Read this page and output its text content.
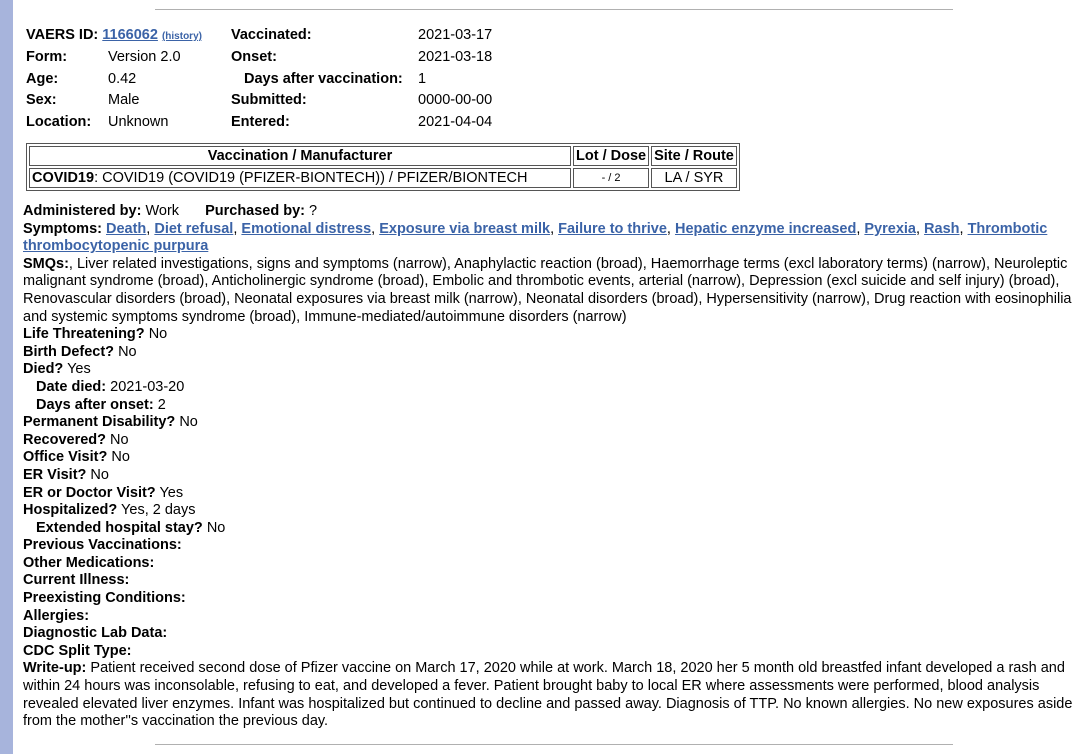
VAERS ID: 1166062 (history)
Form:	Version 2.0
Age:	0.42
Sex:	Male
Location: Unknown
Vaccinated:	2021-03-17
Onset:	2021-03-18
Days after vaccination: 1
Submitted:	0000-00-00
Entered:	2021-04-04
Vaccination / Manufacturer	Lot / Dose	Site / Route
COVID19: COVID19 (COVID19 (PFIZER-BIONTECH)) / PFIZER/BIONTECH	- / 2	LA / SYR
Administered by: Work Purchased by: ?
Symptoms: Death, Diet refusal, Emotional distress, Exposure via breast milk, Failure to thrive, Hepatic enzyme increased, Pyrexia, Rash, Thrombotic thrombocytopenic purpura
SMQs:, Liver related investigations, signs and symptoms (narrow), Anaphylactic reaction (broad), Haemorrhage terms (excl laboratory terms) (narrow), Neuroleptic malignant syndrome (broad), Anticholinergic syndrome (broad), Embolic and thrombotic events, arterial (narrow), Depression (excl suicide and self injury) (broad), Renovascular disorders (broad), Neonatal exposures via breast milk (narrow), Neonatal disorders (broad), Hypersensitivity (narrow), Drug reaction with eosinophilia and systemic symptoms syndrome (broad), Immune-mediated/autoimmune disorders (narrow)
Life Threatening? No
Birth Defect? No
Died? Yes
Date died: 2021-03-20
Days after onset: 2
Permanent Disability? No
Recovered? No
Office Visit? No
ER Visit? No
ER or Doctor Visit? Yes
Hospitalized? Yes, 2 days
Extended hospital stay? No
Previous Vaccinations:
Other Medications:
Current Illness:
Preexisting Conditions:
Allergies:
Diagnostic Lab Data:
CDC Split Type:
Write-up: Patient received second dose of Pfizer vaccine on March 17, 2020 while at work. March 18, 2020 her 5 month old breastfed infant developed a rash and within 24 hours was inconsolable, refusing to eat, and developed a fever. Patient brought baby to local ER where assessments were performed, blood analysis revealed elevated liver enzymes. Infant was hospitalized but continued to decline and passed away. Diagnosis of TTP. No known allergies. No new exposures aside from the mother''s vaccination the previous day.
